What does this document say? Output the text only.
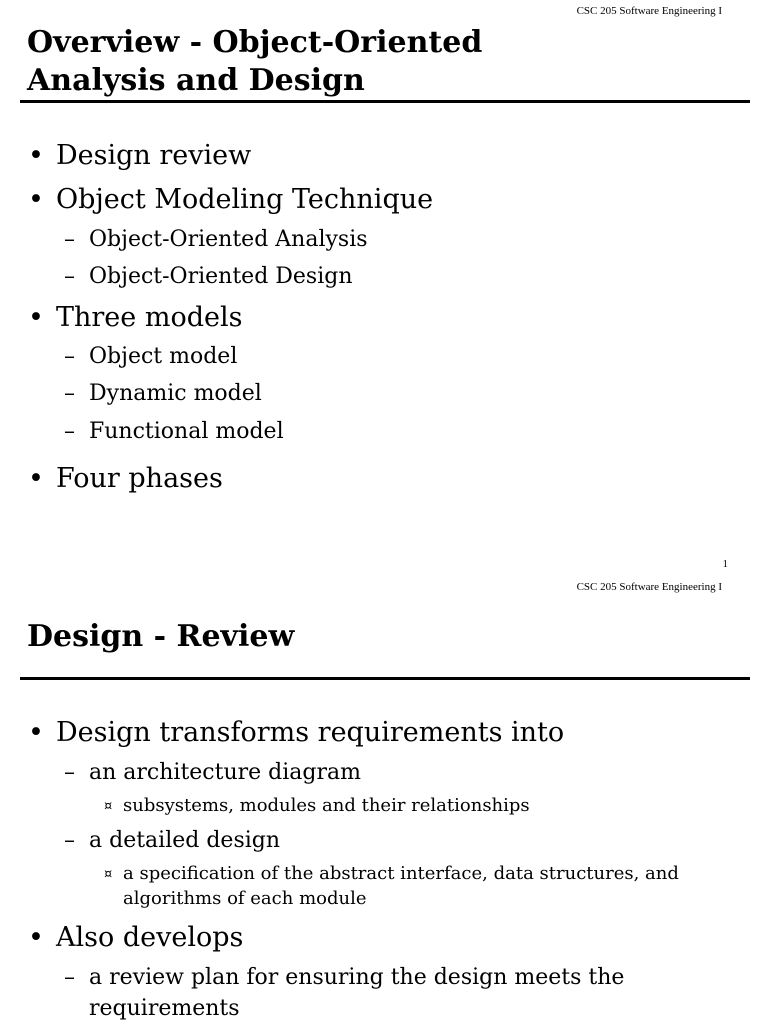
CSC 205 Software Engineering I
Overview - Object-Oriented
Analysis and Design
• Design review
• Object Modeling Technique
– Object-Oriented Analysis
– Object-Oriented Design
• Three models
– Object model
– Dynamic model
– Functional model
• Four phases
1
CSC 205 Software Engineering I
Design - Review
• Design transforms requirements into
– an architecture diagram
¤ subsystems, modules and their relationships
– a detailed design
¤ a specification of the abstract interface, data structures, and
algorithms of each module
• Also develops
– a review plan for ensuring the design meets the
requirements
